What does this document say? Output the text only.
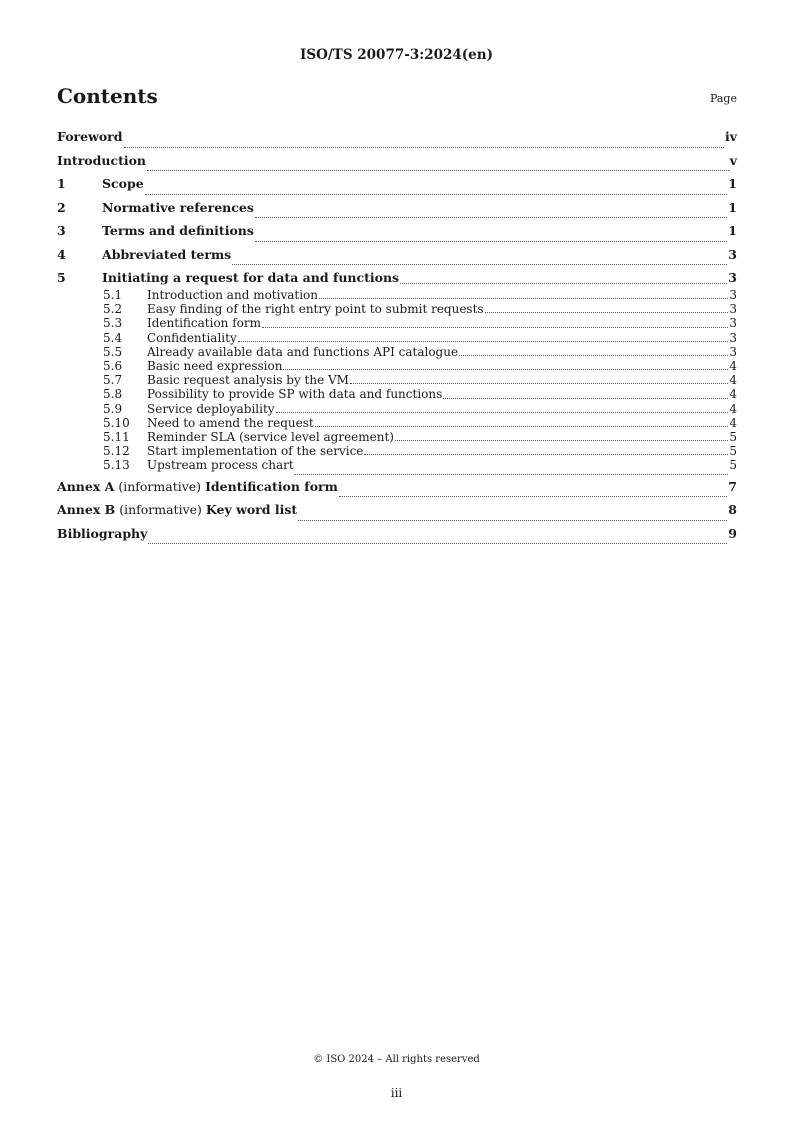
ISO/TS 20077-3:2024(en)
Contents	Page
Foreword	iv
Introduction	v
1	Scope	1
2	Normative references	1
3	Terms and definitions	1
4	Abbreviated terms	3
5	Initiating a request for data and functions	3
5.1	Introduction and motivation	3
5.2	Easy finding of the right entry point to submit requests	3
5.3	Identification form	3
5.4	Confidentiality	3
5.5	Already available data and functions API catalogue	3
5.6	Basic need expression	4
5.7	Basic request analysis by the VM	4
5.8	Possibility to provide SP with data and functions	4
5.9	Service deployability	4
5.10	Need to amend the request	4
5.11	Reminder SLA (service level agreement)	5
5.12	Start implementation of the service	5
5.13	Upstream process chart	5
Annex A (informative) Identification form	7
Annex B (informative) Key word list	8
Bibliography	9
© ISO 2024 – All rights reserved
iii
